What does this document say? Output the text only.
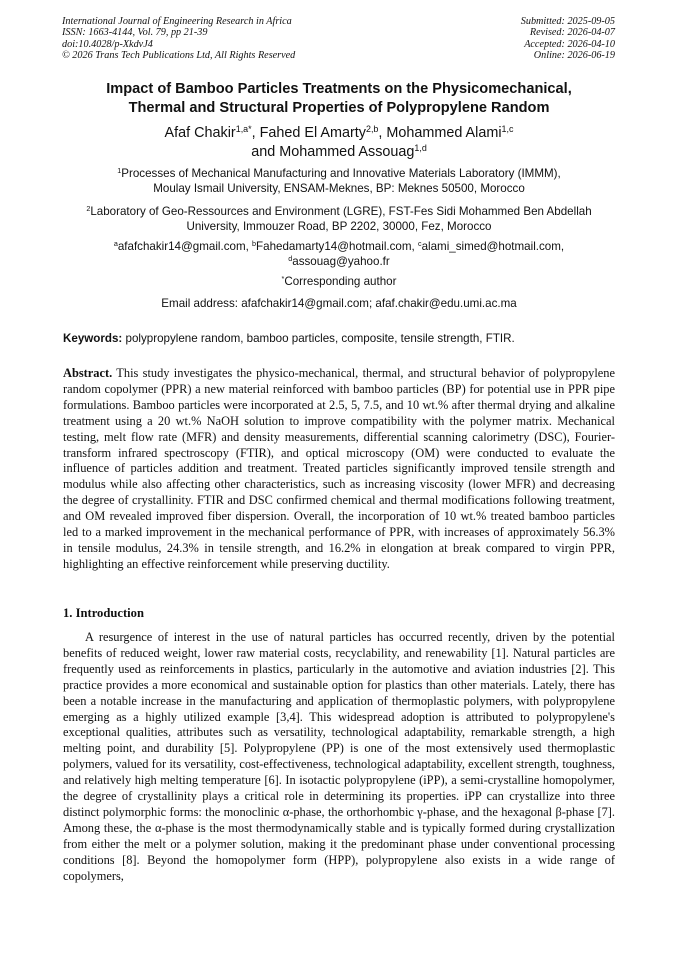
International Journal of Engineering Research in Africa
ISSN: 1663-4144, Vol. 79, pp 21-39
doi:10.4028/p-XkdvJ4
© 2026 Trans Tech Publications Ltd, All Rights Reserved
Submitted: 2025-09-05
Revised: 2026-04-07
Accepted: 2026-04-10
Online: 2026-06-19
Impact of Bamboo Particles Treatments on the Physicomechanical,
Thermal and Structural Properties of Polypropylene Random
Afaf Chakir$^{1,a*}$, Fahed El Amarty$^{2,b}$, Mohammed Alami$^{1,c}$
and Mohammed Assouag$^{1,d}$
$^1$Processes of Mechanical Manufacturing and Innovative Materials Laboratory (IMMM),
Moulay Ismail University, ENSAM-Meknes, BP: Meknes 50500, Morocco
$^2$Laboratory of Geo-Ressources and Environment (LGRE), FST-Fes Sidi Mohammed Ben Abdellah
University, Immouzer Road, BP 2202, 30000, Fez, Morocco
$^a$afafchakir14@gmail.com, $^b$Fahedamarty14@hotmail.com, $^c$alami_simed@hotmail.com,
$^d$assouag@yahoo.fr
*Corresponding author
Email address: afafchakir14@gmail.com; afaf.chakir@edu.umi.ac.ma
Keywords: polypropylene random, bamboo particles, composite, tensile strength, FTIR.
Abstract. This study investigates the physico-mechanical, thermal, and structural behavior of polypropylene random copolymer (PPR) a new material reinforced with bamboo particles (BP) for potential use in PPR pipe formulations. Bamboo particles were incorporated at 2.5, 5, 7.5, and 10 wt.% after thermal drying and alkaline treatment using a 20 wt.% NaOH solution to improve compatibility with the polymer matrix. Mechanical testing, melt flow rate (MFR) and density measurements, differential scanning calorimetry (DSC), Fourier-transform infrared spectroscopy (FTIR), and optical microscopy (OM) were conducted to evaluate the influence of particles addition and treatment. Treated particles significantly improved tensile strength and modulus while also affecting other characteristics, such as increasing viscosity (lower MFR) and decreasing the degree of crystallinity. FTIR and DSC confirmed chemical and thermal modifications following treatment, and OM revealed improved fiber dispersion. Overall, the incorporation of 10 wt.% treated bamboo particles led to a marked improvement in the mechanical performance of PPR, with increases of approximately 56.3% in tensile modulus, 24.3% in tensile strength, and 16.2% in elongation at break compared to virgin PPR, highlighting an effective reinforcement while preserving ductility.
1. Introduction
A resurgence of interest in the use of natural particles has occurred recently, driven by the potential benefits of reduced weight, lower raw material costs, recyclability, and renewability [1]. Natural particles are frequently used as reinforcements in plastics, particularly in the automotive and aviation industries [2]. This practice provides a more economical and sustainable option for plastics than other materials. Lately, there has been a notable increase in the manufacturing and application of thermoplastic polymers, with polypropylene emerging as a highly utilized example [3,4]. This widespread adoption is attributed to polypropylene's exceptional qualities, attributes such as versatility, technological adaptability, remarkable strength, a high melting point, and durability [5]. Polypropylene (PP) is one of the most extensively used thermoplastic polymers, valued for its versatility, cost-effectiveness, technological adaptability, excellent strength, toughness, and relatively high melting temperature [6]. In isotactic polypropylene (iPP), a semi-crystalline homopolymer, the degree of crystallinity plays a critical role in determining its properties. iPP can crystallize into three distinct polymorphic forms: the monoclinic α-phase, the orthorhombic γ-phase, and the hexagonal β-phase [7]. Among these, the α-phase is the most thermodynamically stable and is typically formed during crystallization from either the melt or a polymer solution, making it the predominant phase under conventional processing conditions [8]. Beyond the homopolymer form (HPP), polypropylene also exists in a wide range of copolymers,
